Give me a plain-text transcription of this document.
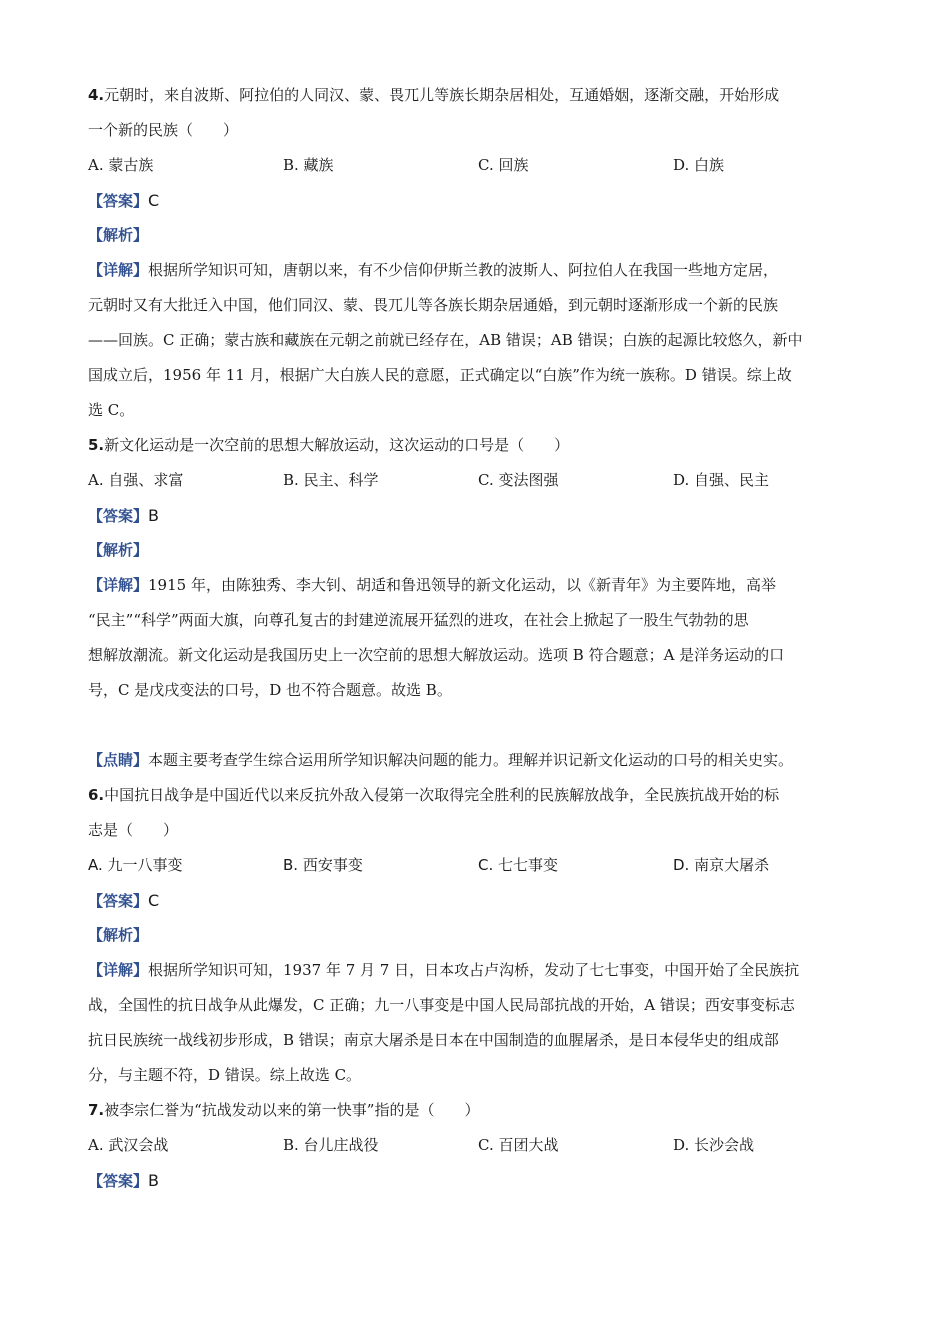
4.元朝时，来自波斯、阿拉伯的人同汉、蒙、畏兀儿等族长期杂居相处，互通婚姻，逐渐交融，开始形成
一个新的民族（　　）
A. 蒙古族	B. 藏族	C. 回族	D. 白族
【答案】C
【解析】
【详解】根据所学知识可知，唐朝以来，有不少信仰伊斯兰教的波斯人、阿拉伯人在我国一些地方定居，
元朝时又有大批迁入中国，他们同汉、蒙、畏兀儿等各族长期杂居通婚，到元朝时逐渐形成一个新的民族
——回族。C 正确；蒙古族和藏族在元朝之前就已经存在，AB 错误；AB 错误；白族的起源比较悠久，新中
国成立后，1956 年 11 月，根据广大白族人民的意愿，正式确定以“白族”作为统一族称。D 错误。综上故
选 C。
5.新文化运动是一次空前的思想大解放运动，这次运动的口号是（　　）
A. 自强、求富	B. 民主、科学	C. 变法图强	D. 自强、民主
【答案】B
【解析】
【详解】1915 年，由陈独秀、李大钊、胡适和鲁迅领导的新文化运动，以《新青年》为主要阵地，高举
“民主”“科学”两面大旗，向尊孔复古的封建逆流展开猛烈的进攻，在社会上掀起了一股生气勃勃的思
想解放潮流。新文化运动是我国历史上一次空前的思想大解放运动。选项 B 符合题意；A 是洋务运动的口
号，C 是戊戌变法的口号，D 也不符合题意。故选 B。
【点睛】本题主要考查学生综合运用所学知识解决问题的能力。理解并识记新文化运动的口号的相关史实。
6.中国抗日战争是中国近代以来反抗外敌入侵第一次取得完全胜利的民族解放战争，全民族抗战开始的标
志是（　　）
A. 九一八事变	B. 西安事变	C. 七七事变	D. 南京大屠杀
【答案】C
【解析】
【详解】根据所学知识可知，1937 年 7 月 7 日，日本攻占卢沟桥，发动了七七事变，中国开始了全民族抗
战，全国性的抗日战争从此爆发，C 正确；九一八事变是中国人民局部抗战的开始，A 错误；西安事变标志
抗日民族统一战线初步形成，B 错误；南京大屠杀是日本在中国制造的血腥屠杀，是日本侵华史的组成部
分，与主题不符，D 错误。综上故选 C。
7.被李宗仁誉为“抗战发动以来的第一快事”指的是（　　）
A. 武汉会战	B. 台儿庄战役	C. 百团大战	D. 长沙会战
【答案】B
